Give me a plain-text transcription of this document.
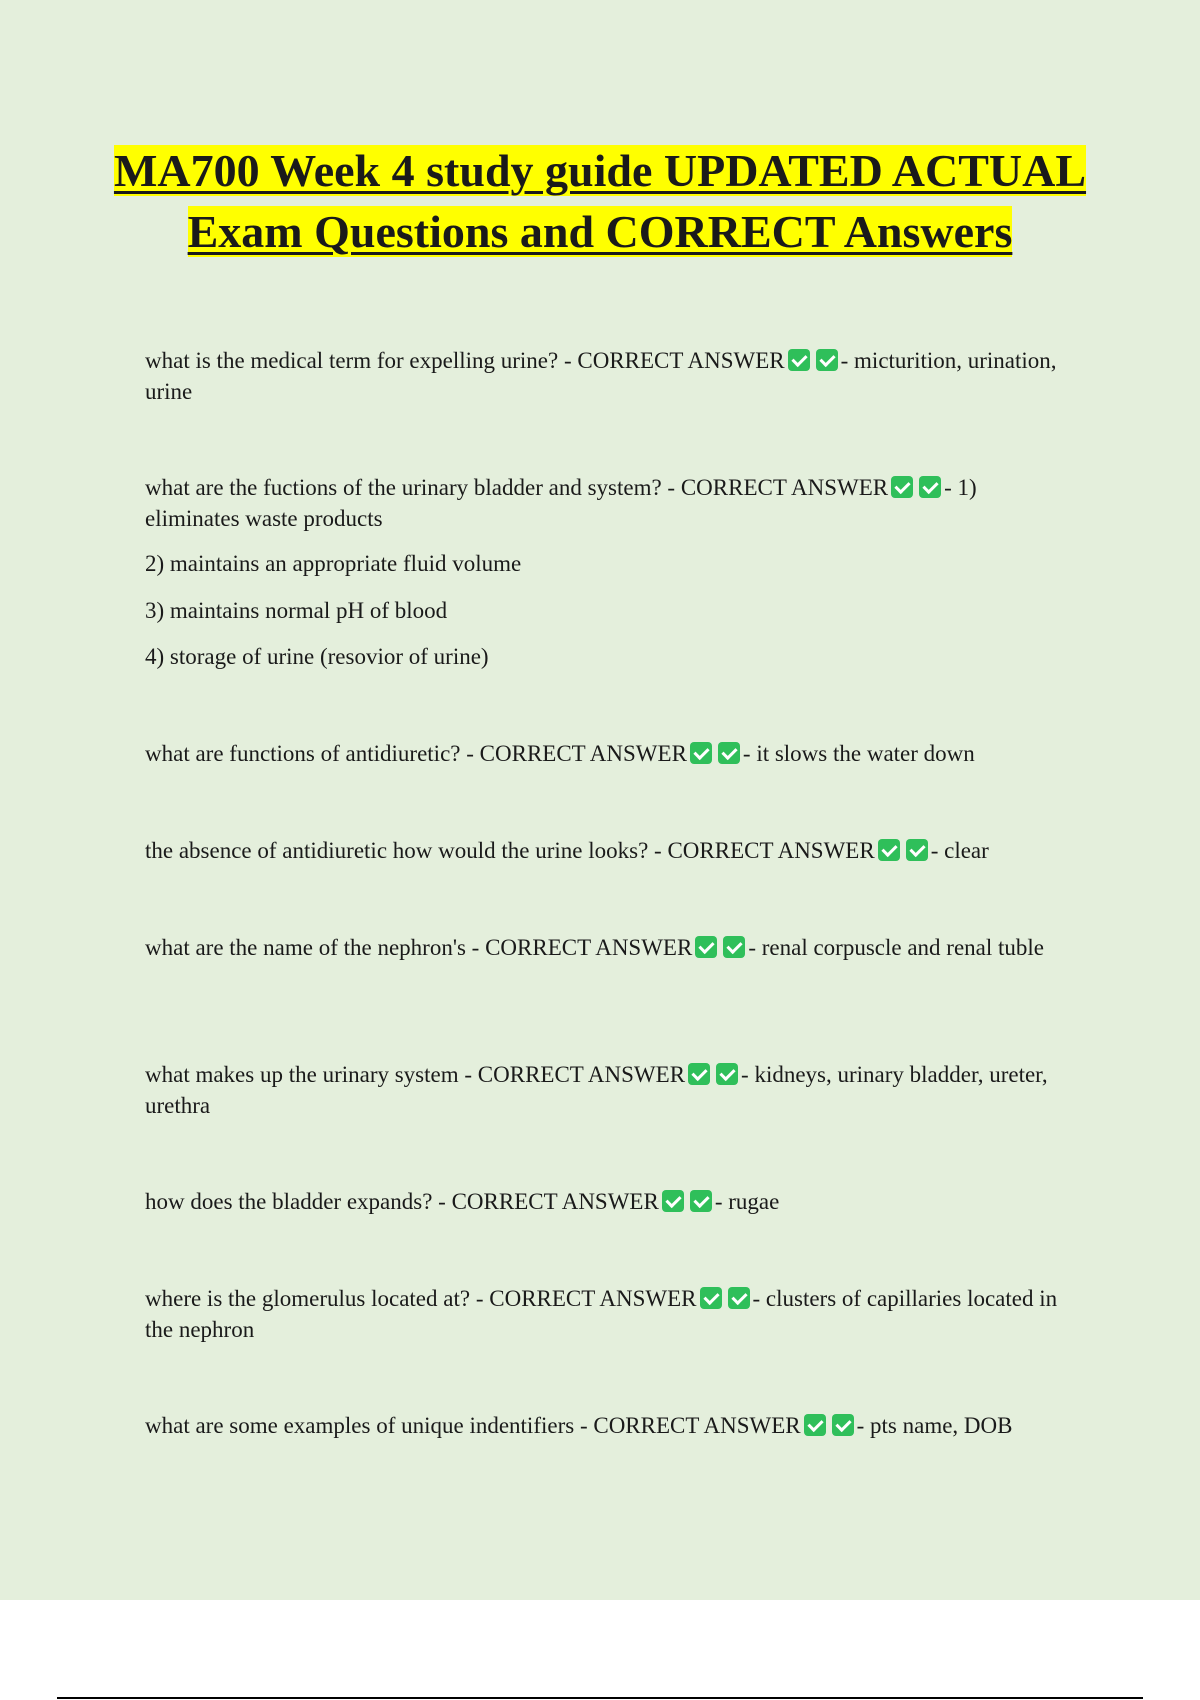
MA700 Week 4 study guide UPDATED ACTUAL Exam Questions and CORRECT Answers

what is the medical term for expelling urine? - CORRECT ANSWER - micturition, urination, urine

what are the fuctions of the urinary bladder and system? - CORRECT ANSWER - 1) eliminates waste products

2) maintains an appropriate fluid volume

3) maintains normal pH of blood

4) storage of urine (resovior of urine)

what are functions of antidiuretic? - CORRECT ANSWER - it slows the water down

the absence of antidiuretic how would the urine looks? - CORRECT ANSWER - clear

what are the name of the nephron's - CORRECT ANSWER - renal corpuscle and renal tuble

what makes up the urinary system - CORRECT ANSWER - kidneys, urinary bladder, ureter, urethra

how does the bladder expands? - CORRECT ANSWER - rugae

where is the glomerulus located at? - CORRECT ANSWER - clusters of capillaries located in the nephron

what are some examples of unique indentifiers - CORRECT ANSWER - pts name, DOB
